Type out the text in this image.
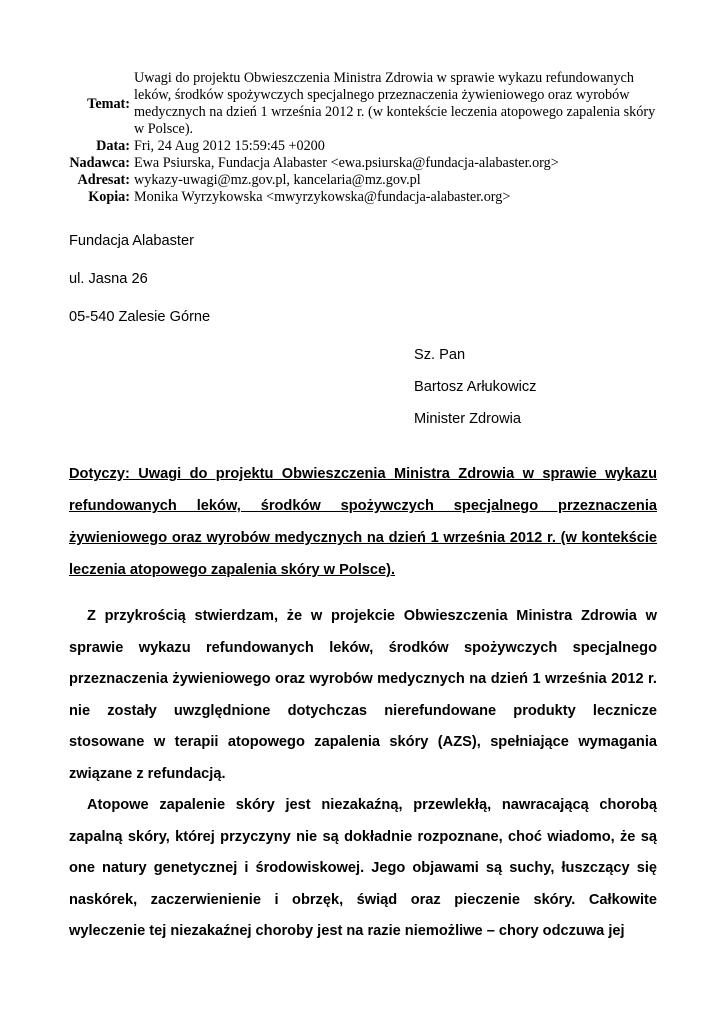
Temat:	Uwagi do projektu Obwieszczenia Ministra Zdrowia w sprawie wykazu refundowanych leków, środków spożywczych specjalnego przeznaczenia żywieniowego oraz wyrobów medycznych na dzień 1 września 2012 r. (w kontekście leczenia atopowego zapalenia skóry w Polsce).
Data:	Fri, 24 Aug 2012 15:59:45 +0200
Nadawca:	Ewa Psiurska, Fundacja Alabaster <ewa.psiurska@fundacja-alabaster.org>
Adresat:	wykazy-uwagi@mz.gov.pl, kancelaria@mz.gov.pl
Kopia:	Monika Wyrzykowska <mwyrzykowska@fundacja-alabaster.org>
Fundacja Alabaster
ul. Jasna 26
05-540 Zalesie Górne
Sz. Pan
Bartosz Arłukowicz
Minister Zdrowia
Dotyczy: Uwagi do projektu Obwieszczenia Ministra Zdrowia w sprawie wykazu refundowanych leków, środków spożywczych specjalnego przeznaczenia żywieniowego oraz wyrobów medycznych na dzień 1 września 2012 r. (w kontekście leczenia atopowego zapalenia skóry w Polsce).

Z przykrością stwierdzam, że w projekcie Obwieszczenia Ministra Zdrowia w sprawie wykazu refundowanych leków, środków spożywczych specjalnego przeznaczenia żywieniowego oraz wyrobów medycznych na dzień 1 września 2012 r. nie zostały uwzględnione dotychczas nierefundowane produkty lecznicze stosowane w terapii atopowego zapalenia skóry (AZS), spełniające wymagania związane z refundacją.

Atopowe zapalenie skóry jest niezakaźną, przewlekłą, nawracającą chorobą zapalną skóry, której przyczyny nie są dokładnie rozpoznane, choć wiadomo, że są one natury genetycznej i środowiskowej. Jego objawami są suchy, łuszczący się naskórek, zaczerwienienie i obrzęk, świąd oraz pieczenie skóry. Całkowite wyleczenie tej niezakaźnej choroby jest na razie niemożliwe – chory odczuwa jej
